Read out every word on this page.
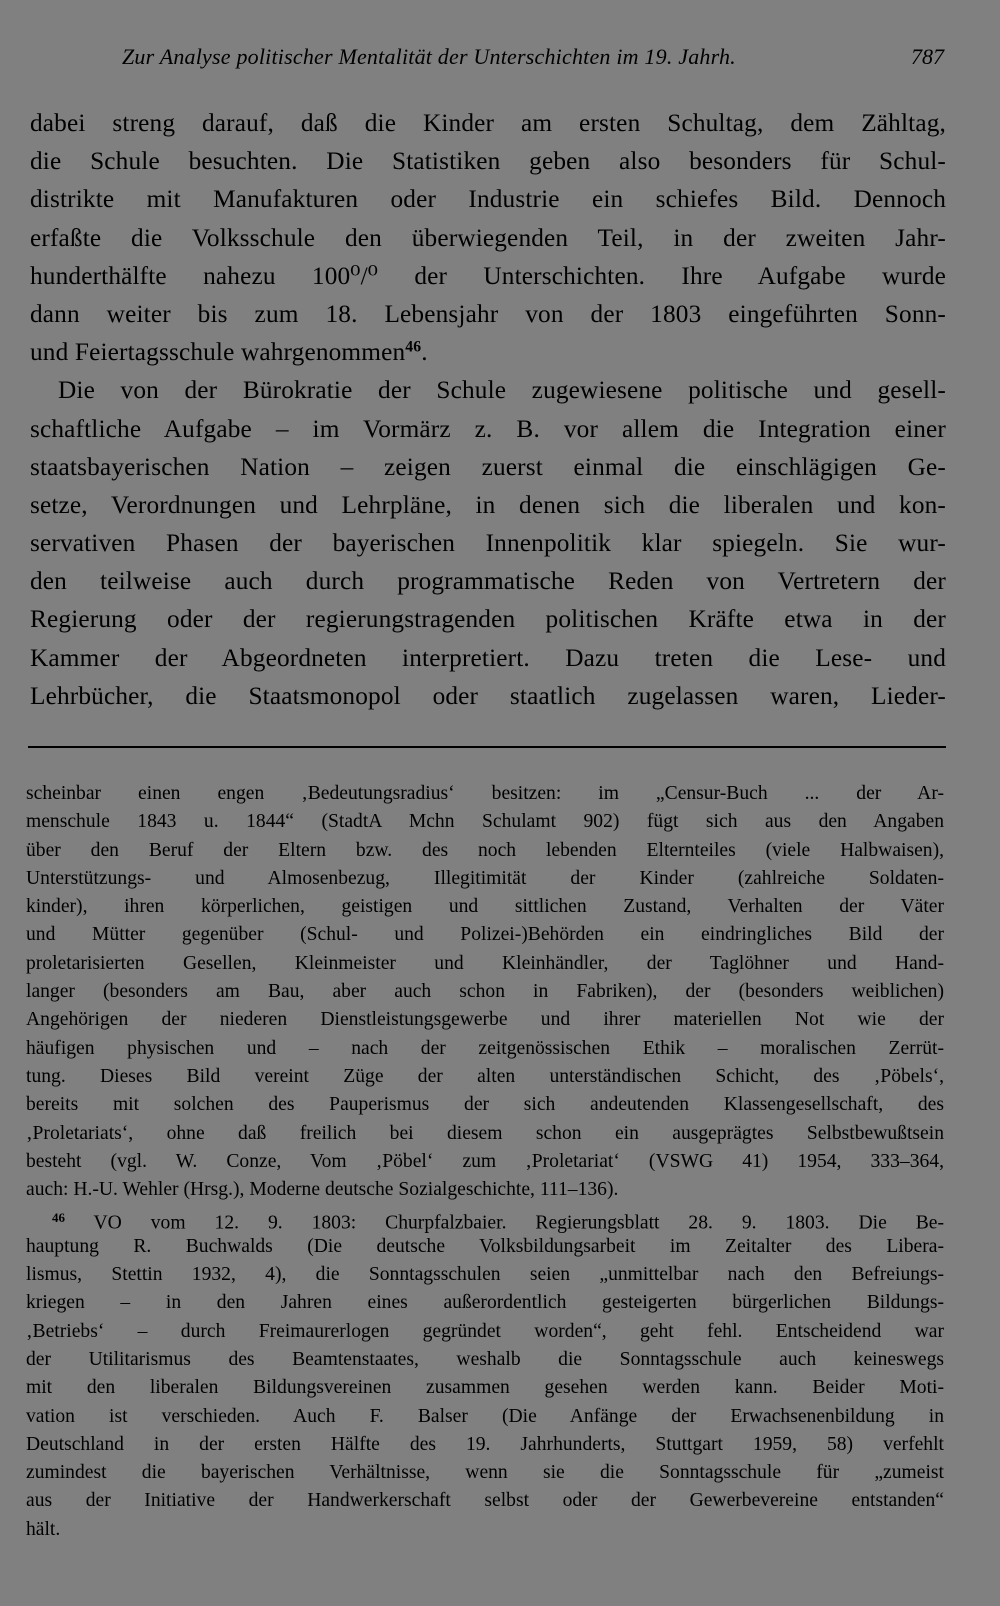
Zur Analyse politischer Mentalität der Unterschichten im 19. Jahrh.	787
dabei streng darauf, daß die Kinder am ersten Schultag, dem Zähltag,
die Schule besuchten. Die Statistiken geben also besonders für Schul-
distrikte mit Manufakturen oder Industrie ein schiefes Bild. Dennoch
erfaßte die Volksschule den überwiegenden Teil, in der zweiten Jahr-
hunderthälfte nahezu 100⁰/⁰ der Unterschichten. Ihre Aufgabe wurde
dann weiter bis zum 18. Lebensjahr von der 1803 eingeführten Sonn-
und Feiertagsschule wahrgenommen$^{46}$.
Die von der Bürokratie der Schule zugewiesene politische und gesell-
schaftliche Aufgabe – im Vormärz z. B. vor allem die Integration einer
staatsbayerischen Nation – zeigen zuerst einmal die einschlägigen Ge-
setze, Verordnungen und Lehrpläne, in denen sich die liberalen und kon-
servativen Phasen der bayerischen Innenpolitik klar spiegeln. Sie wur-
den teilweise auch durch programmatische Reden von Vertretern der
Regierung oder der regierungstragenden politischen Kräfte etwa in der
Kammer der Abgeordneten interpretiert. Dazu treten die Lese- und
Lehrbücher, die Staatsmonopol oder staatlich zugelassen waren, Lieder-
scheinbar einen engen ‚Bedeutungsradius‘ besitzen: im „Censur-Buch ... der Ar-
menschule 1843 u. 1844“ (StadtA Mchn Schulamt 902) fügt sich aus den Angaben
über den Beruf der Eltern bzw. des noch lebenden Elternteiles (viele Halbwaisen),
Unterstützungs- und Almosenbezug, Illegitimität der Kinder (zahlreiche Soldaten-
kinder), ihren körperlichen, geistigen und sittlichen Zustand, Verhalten der Väter
und Mütter gegenüber (Schul- und Polizei-)Behörden ein eindringliches Bild der
proletarisierten Gesellen, Kleinmeister und Kleinhändler, der Taglöhner und Hand-
langer (besonders am Bau, aber auch schon in Fabriken), der (besonders weiblichen)
Angehörigen der niederen Dienstleistungsgewerbe und ihrer materiellen Not wie der
häufigen physischen und – nach der zeitgenössischen Ethik – moralischen Zerrüt-
tung. Dieses Bild vereint Züge der alten unterständischen Schicht, des ‚Pöbels‘,
bereits mit solchen des Pauperismus der sich andeutenden Klassengesellschaft, des
‚Proletariats‘, ohne daß freilich bei diesem schon ein ausgeprägtes Selbstbewußtsein
besteht (vgl. W. Conze, Vom ‚Pöbel‘ zum ‚Proletariat‘ (VSWG 41) 1954, 333–364,
auch: H.-U. Wehler (Hrsg.), Moderne deutsche Sozialgeschichte, 111–136).
$^{46}$ VO vom 12. 9. 1803: Churpfalzbaier. Regierungsblatt 28. 9. 1803. Die Be-
hauptung R. Buchwalds (Die deutsche Volksbildungsarbeit im Zeitalter des Libera-
lismus, Stettin 1932, 4), die Sonntagsschulen seien „unmittelbar nach den Befreiungs-
kriegen – in den Jahren eines außerordentlich gesteigerten bürgerlichen Bildungs-
‚Betriebs‘ – durch Freimaurerlogen gegründet worden“, geht fehl. Entscheidend war
der Utilitarismus des Beamtenstaates, weshalb die Sonntagsschule auch keineswegs
mit den liberalen Bildungsvereinen zusammen gesehen werden kann. Beider Moti-
vation ist verschieden. Auch F. Balser (Die Anfänge der Erwachsenenbildung in
Deutschland in der ersten Hälfte des 19. Jahrhunderts, Stuttgart 1959, 58) verfehlt
zumindest die bayerischen Verhältnisse, wenn sie die Sonntagsschule für „zumeist
aus der Initiative der Handwerkerschaft selbst oder der Gewerbevereine entstanden“
hält.
